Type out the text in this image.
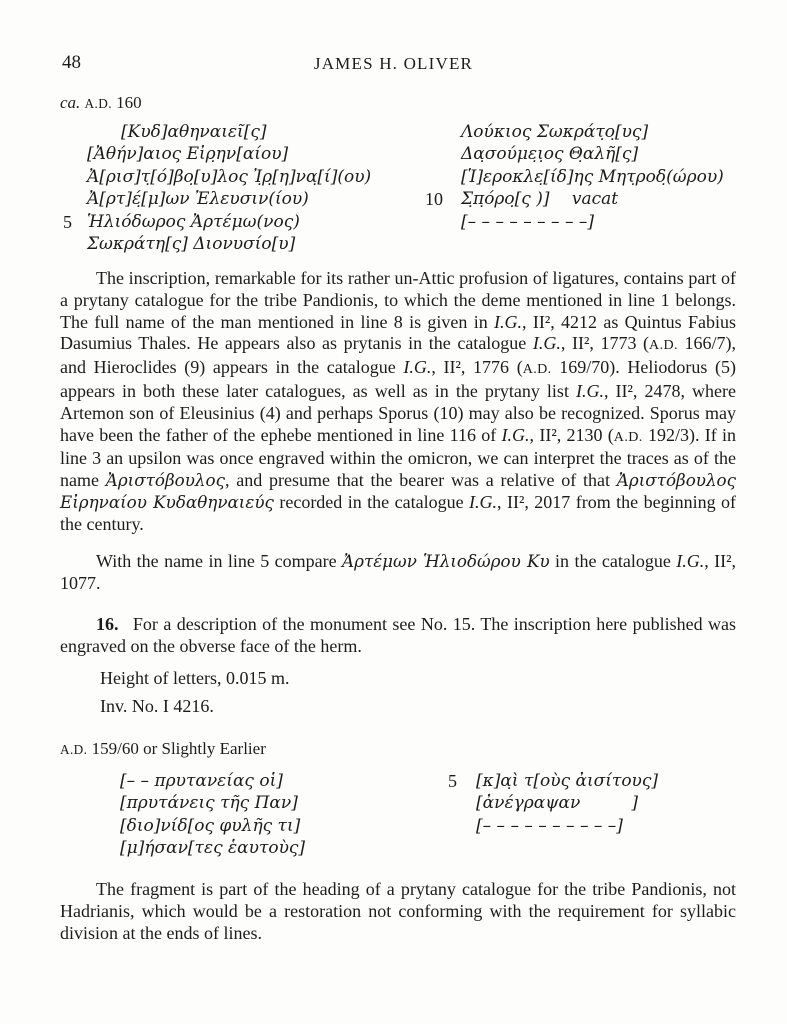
48	JAMES H. OLIVER
ca. A.D. 160
[Κυδ]αθηναιεῖ[ς]
[Ἀθήν]αιος Εἰρ̣η̣ν[αίου]
Ἀ[ρισ]τ̣[ό]βο̣[υ]λος Ἰ̣ρ̣[η]να̣[ί](ου)
Ἀ[ρτ]έ̣[μ]ων Ἐλευσιν(ίου)
5 Ἡλιόδωρος Ἀρτέμω(νος)
Σωκράτη[ς] Διονυσίο[υ]
Λούκιος Σωκράτ̣ο̣[υς]
Δα̣σούμε̣ι̣ος Θ̣αλῆ[ς]
[Ἱ]εροκλε̣[ίδ]η̣ς Μητ̣ροδ̣(ώρου)
10	Σ̣π̣όρο̣[ς )]  vacat
[– – – – – – – – –]
The inscription, remarkable for its rather un-Attic profusion of ligatures, contains part of a prytany catalogue for the tribe Pandionis, to which the deme mentioned in line 1 belongs. The full name of the man mentioned in line 8 is given in I.G., II², 4212 as Quintus Fabius Dasumius Thales. He appears also as prytanis in the catalogue I.G., II², 1773 (A.D. 166/7), and Hieroclides (9) appears in the catalogue I.G., II², 1776 (A.D. 169/70). Heliodorus (5) appears in both these later catalogues, as well as in the prytany list I.G., II², 2478, where Artemon son of Eleusinius (4) and perhaps Sporus (10) may also be recognized. Sporus may have been the father of the ephebe mentioned in line 116 of I.G., II², 2130 (A.D. 192/3). If in line 3 an upsilon was once engraved within the omicron, we can interpret the traces as of the name Ἀριστόβουλος, and presume that the bearer was a relative of that Ἀριστόβουλος Εἰρηναίου Κυδαθηναιεύς recorded in the catalogue I.G., II², 2017 from the beginning of the century.
With the name in line 5 compare Ἀρτέμων Ἡλιοδώρου Κυ in the catalogue I.G., II², 1077.
16.  For a description of the monument see No. 15. The inscription here published was engraved on the obverse face of the herm.
Height of letters, 0.015 m.
Inv. No. I 4216.
A.D. 159/60 or Slightly Earlier
[– – πρυτανείας οἱ]
[πρυτάνεις τῆς Παν]
[διο]νίδ[ος φυλῆς τι]
[μ]ήσαν[τες ἑαυτοὺς]
5	[κ]α̣ὶ τ[οὺς ἀισίτους]
[ἀνέγραψαν    ]
[– – – – – – – – – –]
The fragment is part of the heading of a prytany catalogue for the tribe Pandionis, not Hadrianis, which would be a restoration not conforming with the requirement for syllabic division at the ends of lines.
